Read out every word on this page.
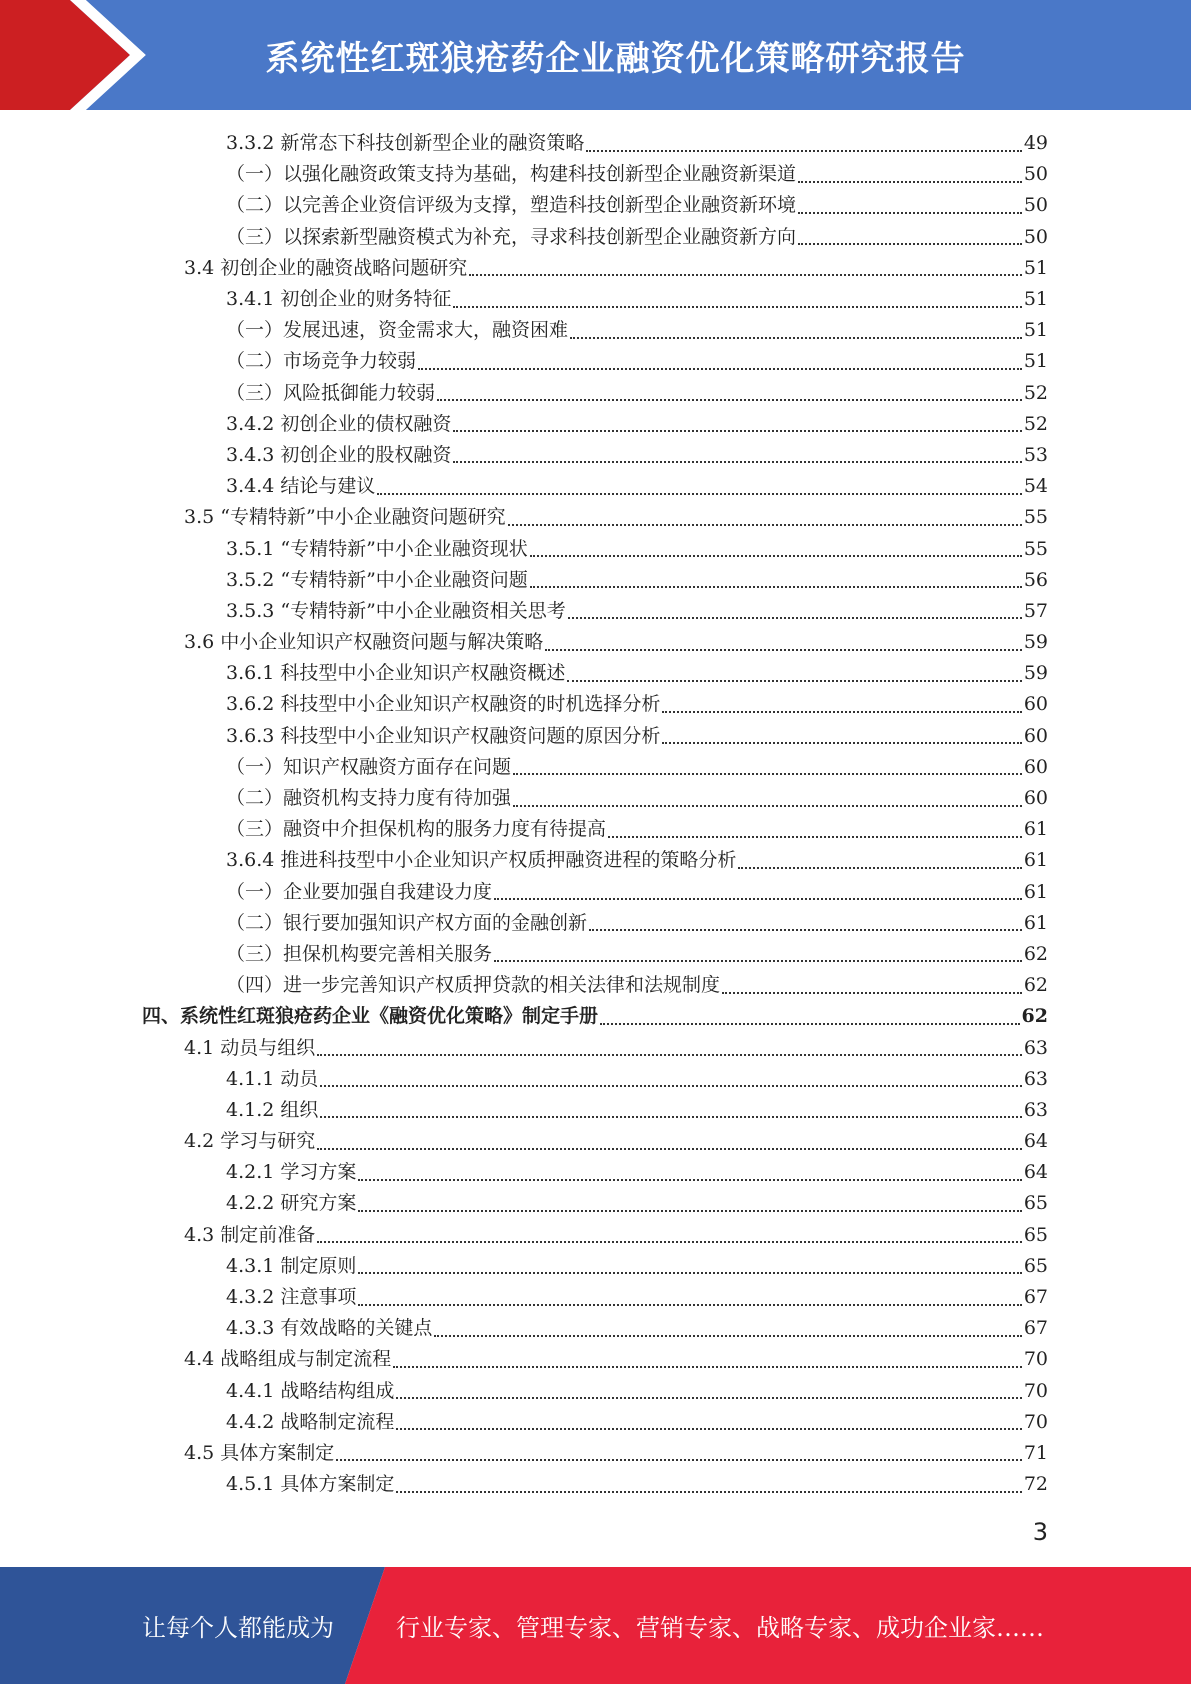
系统性红斑狼疮药企业融资优化策略研究报告
3.3.2 新常态下科技创新型企业的融资策略	49
（一）以强化融资政策支持为基础，构建科技创新型企业融资新渠道	50
（二）以完善企业资信评级为支撑，塑造科技创新型企业融资新环境	50
（三）以探索新型融资模式为补充，寻求科技创新型企业融资新方向	50
3.4 初创企业的融资战略问题研究	51
3.4.1 初创企业的财务特征	51
（一）发展迅速，资金需求大，融资困难	51
（二）市场竞争力较弱	51
（三）风险抵御能力较弱	52
3.4.2 初创企业的债权融资	52
3.4.3 初创企业的股权融资	53
3.4.4 结论与建议	54
3.5 “专精特新”中小企业融资问题研究	55
3.5.1 “专精特新”中小企业融资现状	55
3.5.2 “专精特新”中小企业融资问题	56
3.5.3 “专精特新”中小企业融资相关思考	57
3.6 中小企业知识产权融资问题与解决策略	59
3.6.1 科技型中小企业知识产权融资概述	59
3.6.2 科技型中小企业知识产权融资的时机选择分析	60
3.6.3 科技型中小企业知识产权融资问题的原因分析	60
（一）知识产权融资方面存在问题	60
（二）融资机构支持力度有待加强	60
（三）融资中介担保机构的服务力度有待提高	61
3.6.4 推进科技型中小企业知识产权质押融资进程的策略分析	61
（一）企业要加强自我建设力度	61
（二）银行要加强知识产权方面的金融创新	61
（三）担保机构要完善相关服务	62
（四）进一步完善知识产权质押贷款的相关法律和法规制度	62
四、系统性红斑狼疮药企业《融资优化策略》制定手册	62
4.1 动员与组织	63
4.1.1 动员	63
4.1.2 组织	63
4.2 学习与研究	64
4.2.1 学习方案	64
4.2.2 研究方案	65
4.3 制定前准备	65
4.3.1 制定原则	65
4.3.2 注意事项	67
4.3.3 有效战略的关键点	67
4.4 战略组成与制定流程	70
4.4.1 战略结构组成	70
4.4.2 战略制定流程	70
4.5 具体方案制定	71
4.5.1 具体方案制定	72
3
让每个人都能成为	行业专家、管理专家、营销专家、战略专家、成功企业家……
